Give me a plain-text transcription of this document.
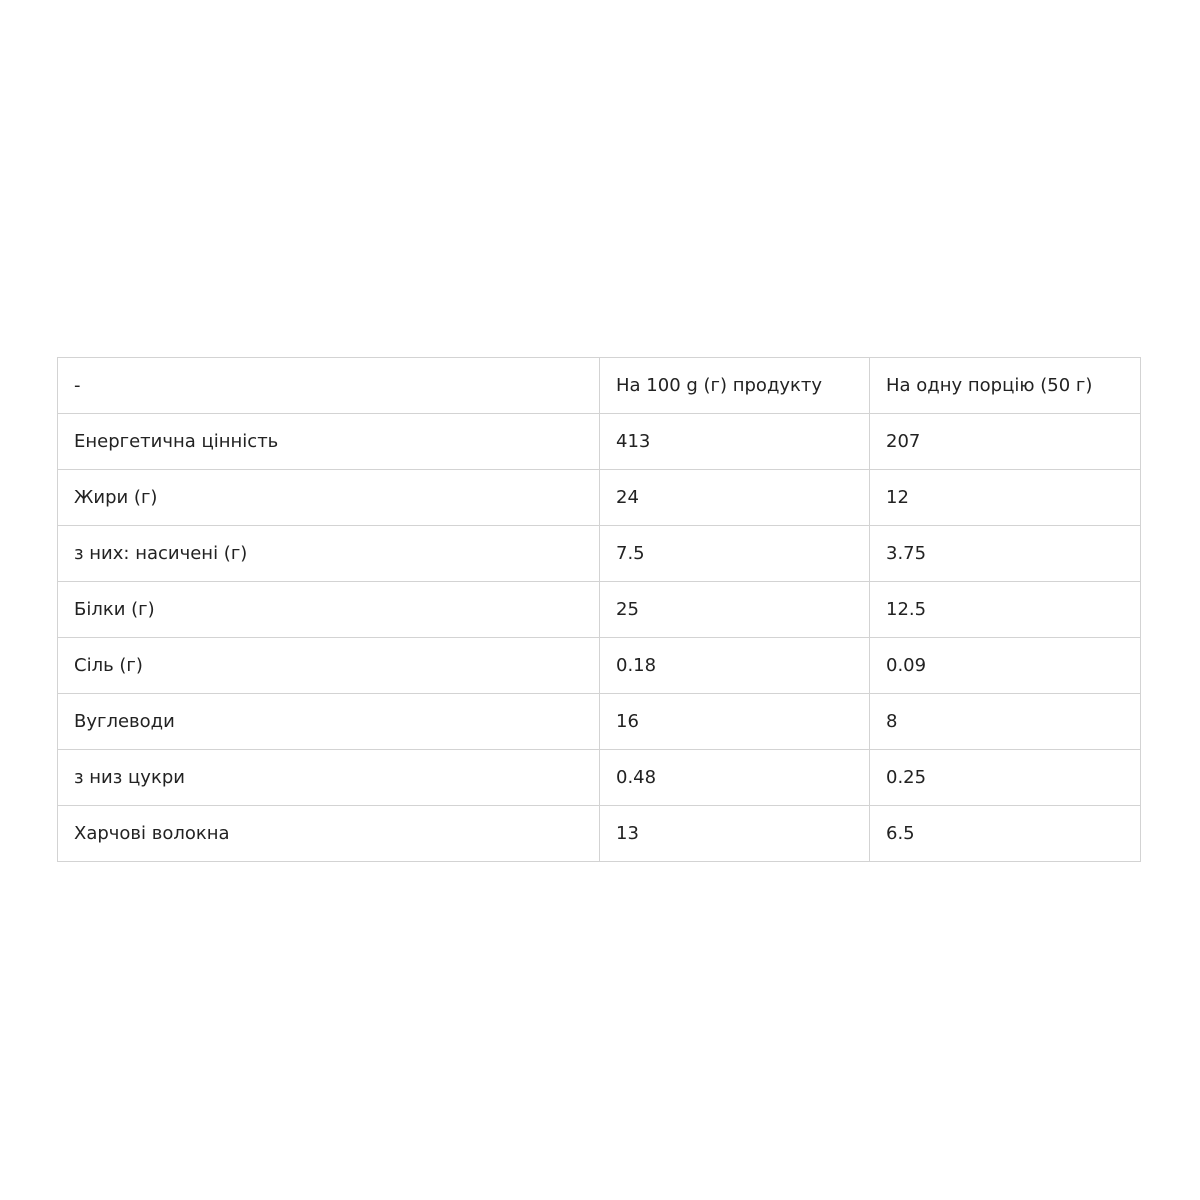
-	На 100 g (г) продукту	На одну порцію (50 г)
Енергетична цінність	413	207
Жири (г)	24	12
з них: насичені (г)	7.5	3.75
Білки (г)	25	12.5
Сіль (г)	0.18	0.09
Вуглеводи	16	8
з низ цукри	0.48	0.25
Харчові волокна	13	6.5
